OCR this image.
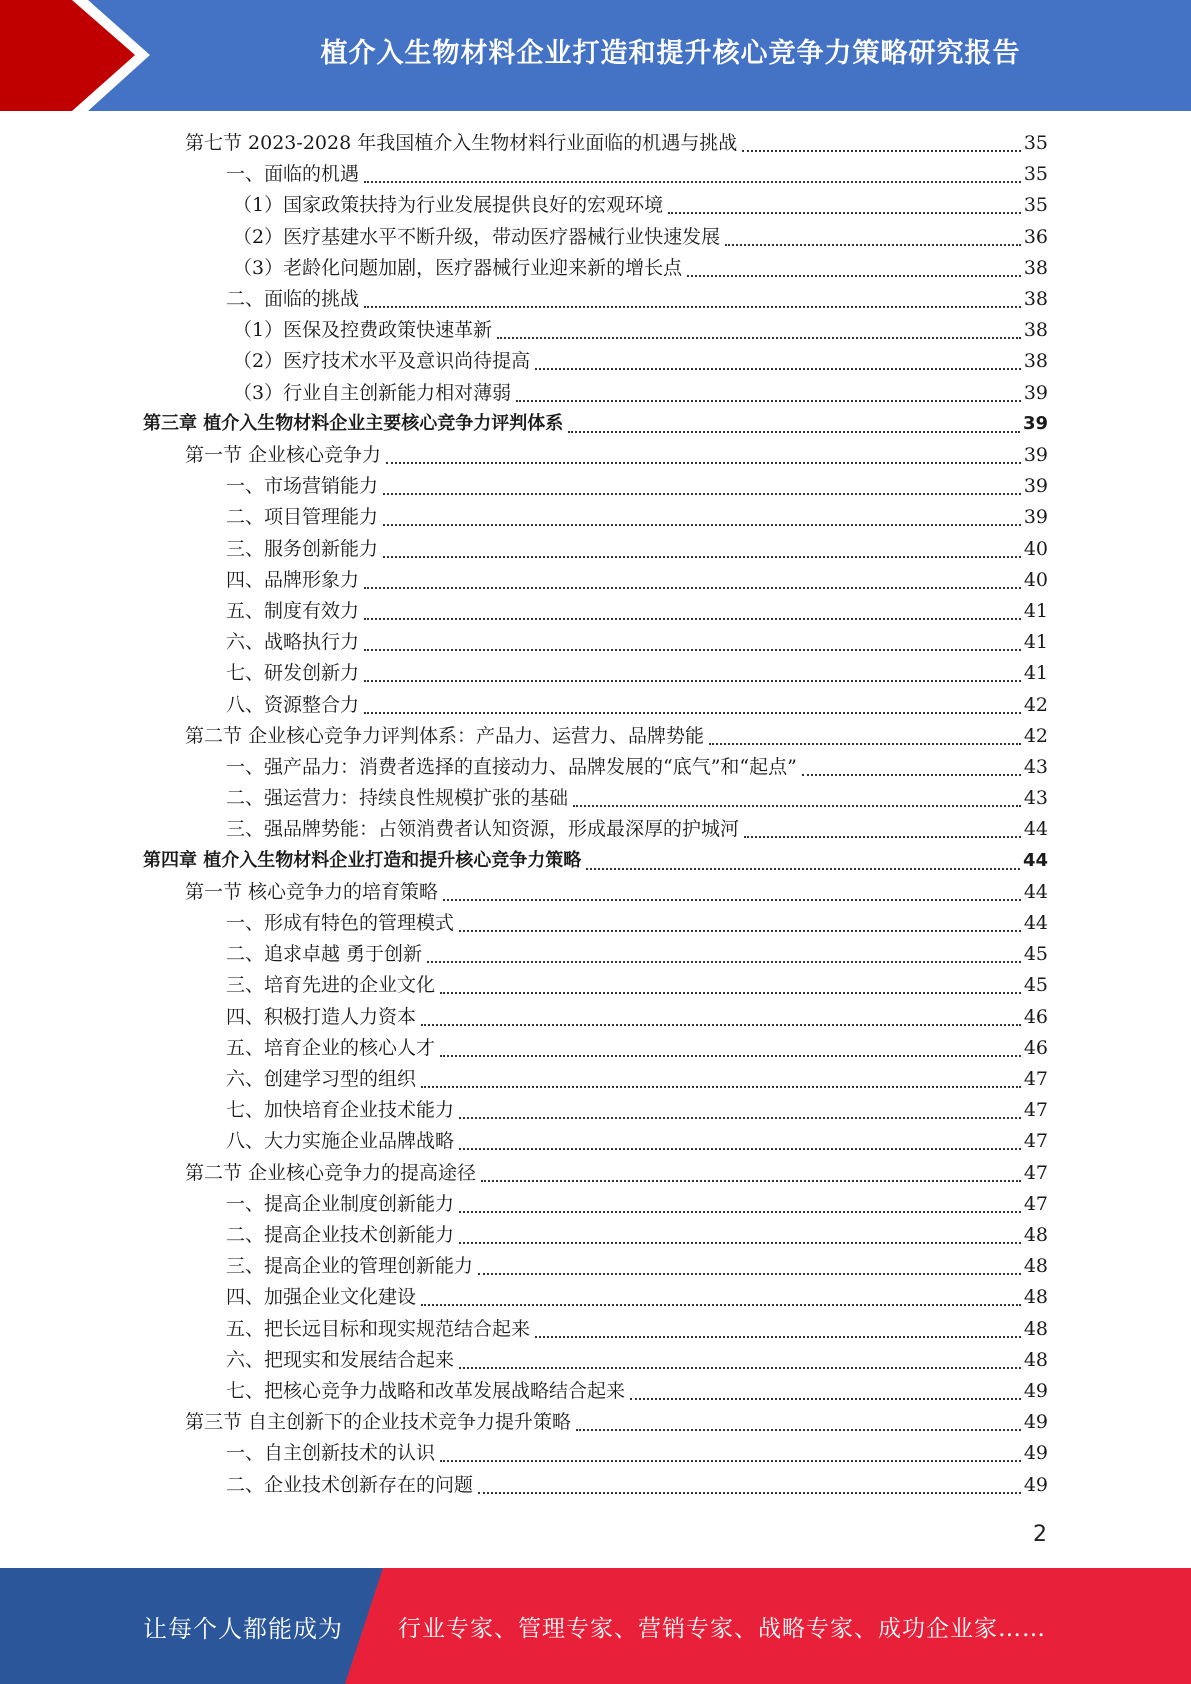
植介入生物材料企业打造和提升核心竞争力策略研究报告
第七节 2023-2028 年我国植介入生物材料行业面临的机遇与挑战	35
一、面临的机遇	35
（1）国家政策扶持为行业发展提供良好的宏观环境	35
（2）医疗基建水平不断升级，带动医疗器械行业快速发展	36
（3）老龄化问题加剧，医疗器械行业迎来新的增长点	38
二、面临的挑战	38
（1）医保及控费政策快速革新	38
（2）医疗技术水平及意识尚待提高	38
（3）行业自主创新能力相对薄弱	39
第三章 植介入生物材料企业主要核心竞争力评判体系	39
第一节 企业核心竞争力	39
一、市场营销能力	39
二、项目管理能力	39
三、服务创新能力	40
四、品牌形象力	40
五、制度有效力	41
六、战略执行力	41
七、研发创新力	41
八、资源整合力	42
第二节 企业核心竞争力评判体系：产品力、运营力、品牌势能	42
一、强产品力：消费者选择的直接动力、品牌发展的“底气”和“起点”	43
二、强运营力：持续良性规模扩张的基础	43
三、强品牌势能：占领消费者认知资源，形成最深厚的护城河	44
第四章 植介入生物材料企业打造和提升核心竞争力策略	44
第一节 核心竞争力的培育策略	44
一、形成有特色的管理模式	44
二、追求卓越 勇于创新	45
三、培育先进的企业文化	45
四、积极打造人力资本	46
五、培育企业的核心人才	46
六、创建学习型的组织	47
七、加快培育企业技术能力	47
八、大力实施企业品牌战略	47
第二节 企业核心竞争力的提高途径	47
一、提高企业制度创新能力	47
二、提高企业技术创新能力	48
三、提高企业的管理创新能力	48
四、加强企业文化建设	48
五、把长远目标和现实规范结合起来	48
六、把现实和发展结合起来	48
七、把核心竞争力战略和改革发展战略结合起来	49
第三节 自主创新下的企业技术竞争力提升策略	49
一、自主创新技术的认识	49
二、企业技术创新存在的问题	49
2
让每个人都能成为 行业专家、管理专家、营销专家、战略专家、成功企业家……
